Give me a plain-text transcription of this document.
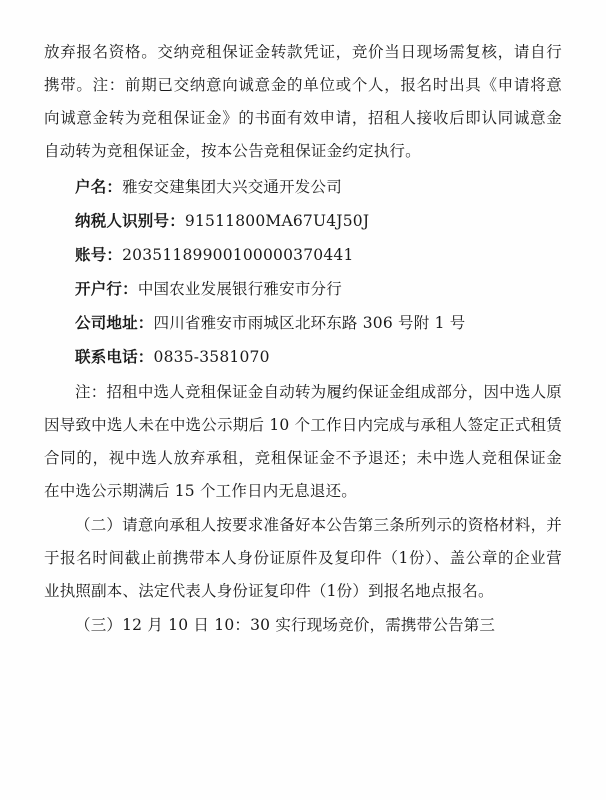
放弃报名资格。交纳竞租保证金转款凭证，竞价当日现场需复核，请自行携带。注：前期已交纳意向诚意金的单位或个人，报名时出具《申请将意向诚意金转为竞租保证金》的书面有效申请，招租人接收后即认同诚意金自动转为竞租保证金，按本公告竞租保证金约定执行。

户名：雅安交建集团大兴交通开发公司

纳税人识别号：91511800MA67U4J50J

账号：20351189900100000370441

开户行：中国农业发展银行雅安市分行

公司地址：四川省雅安市雨城区北环东路 306 号附 1 号

联系电话：0835-3581070

注：招租中选人竞租保证金自动转为履约保证金组成部分，因中选人原因导致中选人未在中选公示期后 10 个工作日内完成与承租人签定正式租赁合同的，视中选人放弃承租，竞租保证金不予退还；未中选人竞租保证金在中选公示期满后 15 个工作日内无息退还。

（二）请意向承租人按要求准备好本公告第三条所列示的资格材料，并于报名时间截止前携带本人身份证原件及复印件（1份）、盖公章的企业营业执照副本、法定代表人身份证复印件（1份）到报名地点报名。

（三）12 月 10 日 10：30 实行现场竞价，需携带公告第三
